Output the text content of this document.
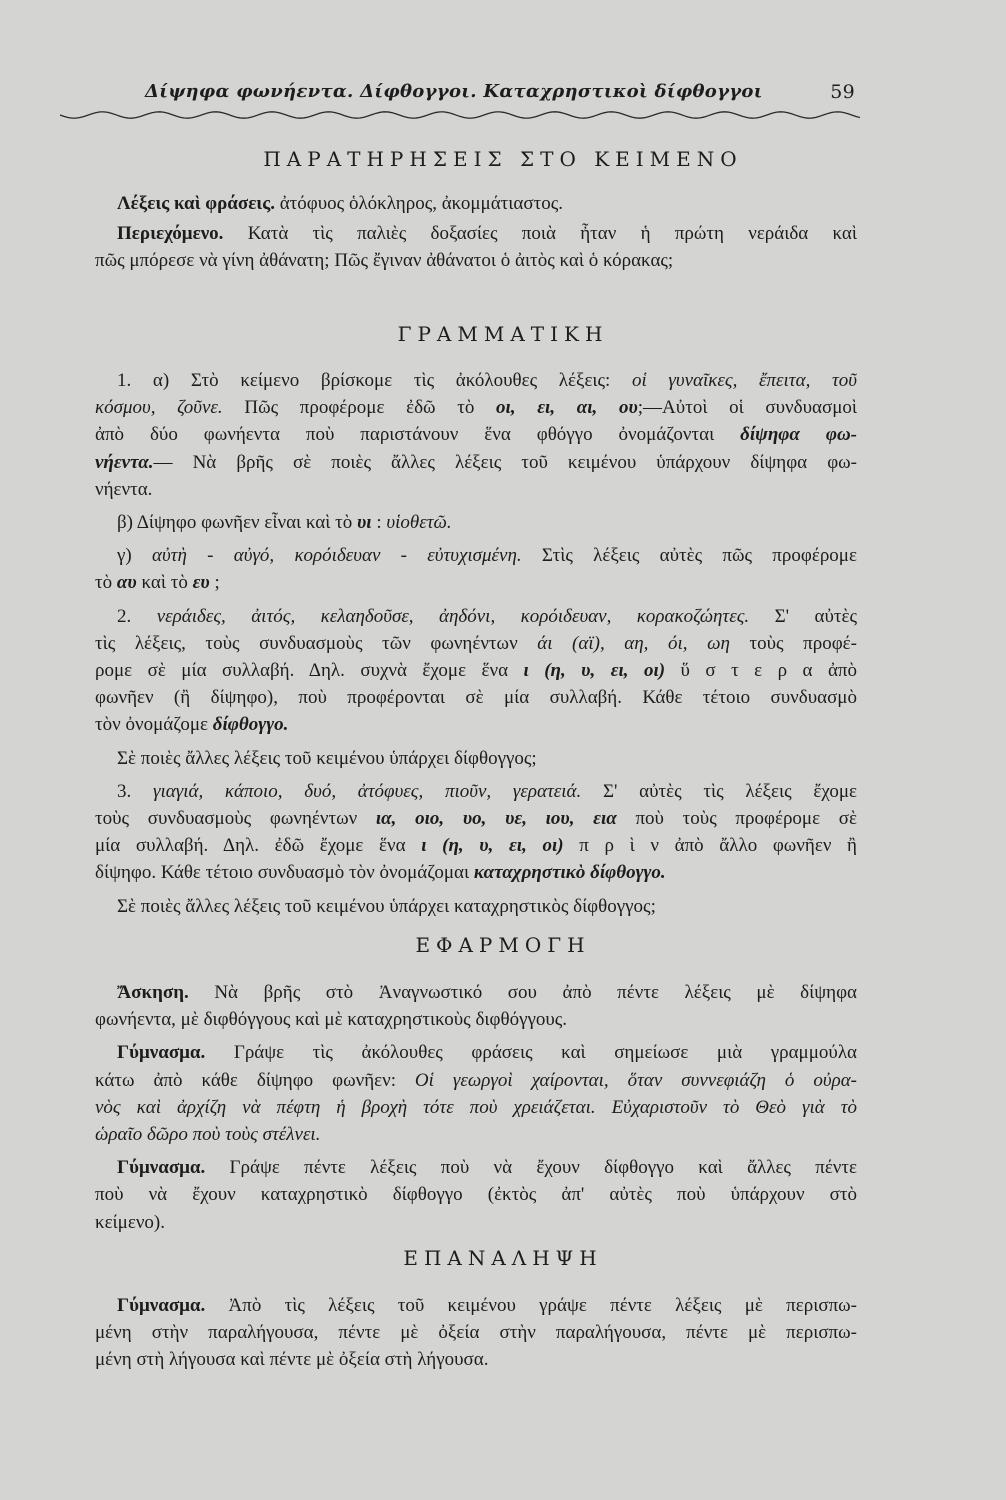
Δίψηφα φωνήεντα. Δίφθογγοι. Καταχρηστικοὶ δίφθογγοι	59
ΠΑΡΑΤΗΡΗΣΕΙΣ ΣΤΟ ΚΕΙΜΕΝΟ

Λέξεις καὶ φράσεις. ἀτόφυος ὁλόκληρος, ἀκομμάτιαστος.

Περιεχόμενο. Κατὰ τὶς παλιὲς δοξασίες ποιὰ ἦταν ἡ πρώτη νεράιδα καὶ

πῶς μπόρεσε νὰ γίνη ἀθάνατη; Πῶς ἔγιναν ἀθάνατοι ὁ ἀιτὸς καὶ ὁ κόρακας;

ΓΡΑΜΜΑΤΙΚΗ

1. α) Στὸ κείμενο βρίσκομε τὶς ἀκόλουθες λέξεις: οἱ γυναῖκες, ἔπειτα, τοῦ

κόσμου, ζοῦνε. Πῶς προφέρομε ἐδῶ τὸ οι, ει, αι, ου;—Αὐτοὶ οἱ συνδυασμοὶ

ἀπὸ δύο φωνήεντα ποὺ παριστάνουν ἕνα φθόγγο ὀνομάζονται δίψηφα φω-

νήεντα.— Νὰ βρῆς σὲ ποιὲς ἄλλες λέξεις τοῦ κειμένου ὑπάρχουν δίψηφα φω-

νήεντα.

β) Δίψηφο φωνῆεν εἶναι καὶ τὸ υι : υἱοθετῶ.

γ) αὐτὴ - αὐγό, κορόιδευαν - εὐτυχισμένη. Στὶς λέξεις αὐτὲς πῶς προφέρομε

τὸ αυ καὶ τὸ ευ ;

2. νεράιδες, ἀιτός, κελαηδοῦσε, ἀηδόνι, κορόιδευαν, κορακοζώητες. Σ' αὐτὲς

τὶς λέξεις, τοὺς συνδυασμοὺς τῶν φωνηέντων άι (αϊ), αη, όι, ωη τοὺς προφέ-

ρομε σὲ μία συλλαβή. Δηλ. συχνὰ ἔχομε ἕνα ι (η, υ, ει, οι) ὕ σ τ ε ρ α ἀπὸ

φωνῆεν (ἢ δίψηφο), ποὺ προφέρονται σὲ μία συλλαβή. Κάθε τέτοιο συνδυασμὸ

τὸν ὀνομάζομε δίφθογγο.

Σὲ ποιὲς ἄλλες λέξεις τοῦ κειμένου ὑπάρχει δίφθογγος;

3. γιαγιά, κάποιο, δυό, ἀτόφυες, πιοῦν, γερατειά. Σ' αὐτὲς τὶς λέξεις ἔχομε

τοὺς συνδυασμοὺς φωνηέντων ια, οιο, υο, υε, ιου, εια ποὺ τοὺς προφέρομε σὲ

μία συλλαβή. Δηλ. ἐδῶ ἔχομε ἕνα ι (η, υ, ει, οι) π ρ ὶ ν ἀπὸ ἄλλο φωνῆεν ἢ

δίψηφο. Κάθε τέτοιο συνδυασμὸ τὸν ὀνομάζομαι καταχρηστικὸ δίφθογγο.

Σὲ ποιὲς ἄλλες λέξεις τοῦ κειμένου ὑπάρχει καταχρηστικὸς δίφθογγος;

ΕΦΑΡΜΟΓΗ

Ἄσκηση. Νὰ βρῆς στὸ Ἀναγνωστικό σου ἀπὸ πέντε λέξεις μὲ δίψηφα

φωνήεντα, μὲ διφθόγγους καὶ μὲ καταχρηστικοὺς διφθόγγους.

Γύμνασμα. Γράψε τὶς ἀκόλουθες φράσεις καὶ σημείωσε μιὰ γραμμούλα

κάτω ἀπὸ κάθε δίψηφο φωνῆεν: Οἱ γεωργοὶ χαίρονται, ὅταν συννεφιάζη ὁ οὐρα-

νὸς καὶ ἀρχίζη νὰ πέφτη ἡ βροχὴ τότε ποὺ χρειάζεται. Εὐχαριστοῦν τὸ Θεὸ γιὰ τὸ

ὡραῖο δῶρο ποὺ τοὺς στέλνει.

Γύμνασμα. Γράψε πέντε λέξεις ποὺ νὰ ἔχουν δίφθογγο καὶ ἄλλες πέντε

ποὺ νὰ ἔχουν καταχρηστικὸ δίφθογγο (ἐκτὸς ἀπ' αὐτὲς ποὺ ὑπάρχουν στὸ

κείμενο).

ΕΠΑΝΑΛΗΨΗ

Γύμνασμα. Ἀπὸ τὶς λέξεις τοῦ κειμένου γράψε πέντε λέξεις μὲ περισπω-

μένη στὴν παραλήγουσα, πέντε μὲ ὀξεία στὴν παραλήγουσα, πέντε μὲ περισπω-

μένη στὴ λήγουσα καὶ πέντε μὲ ὀξεία στὴ λήγουσα.
